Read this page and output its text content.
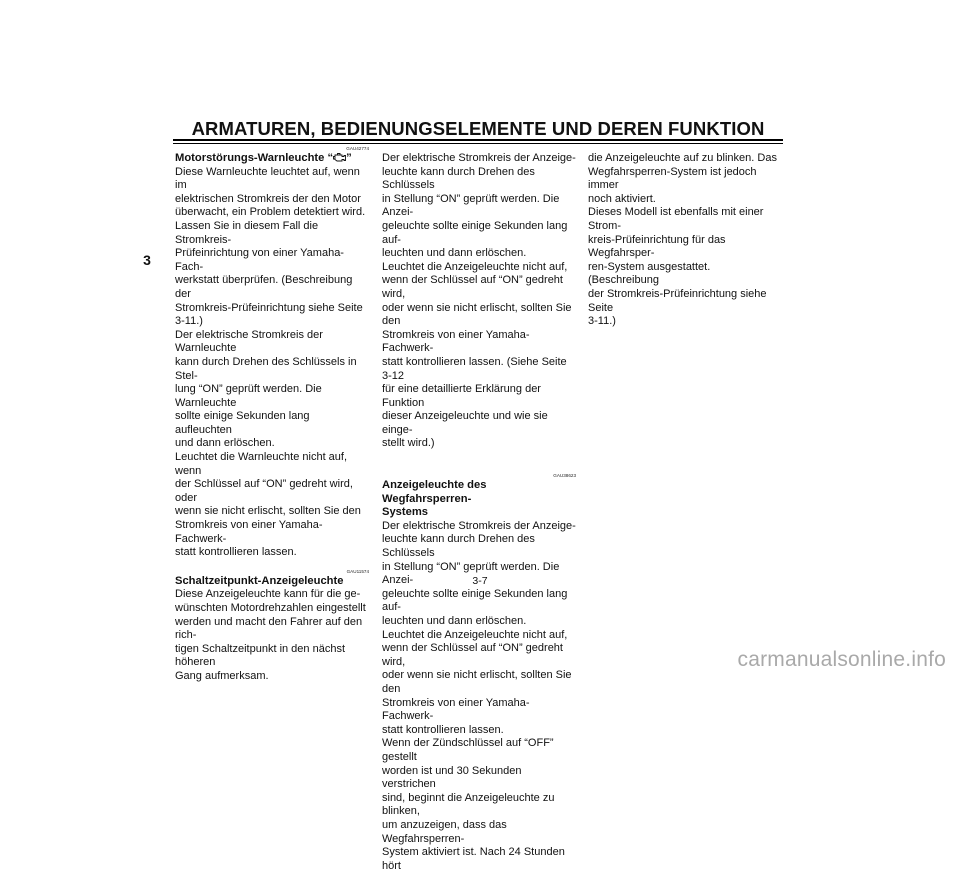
ARMATUREN, BEDIENUNGSELEMENTE UND DEREN FUNKTION
3
GAU42774

Motorstörungs-Warnleuchte “ ”

Diese Warnleuchte leuchtet auf, wenn im

elektrischen Stromkreis der den Motor

überwacht, ein Problem detektiert wird.

Lassen Sie in diesem Fall die Stromkreis-

Prüfeinrichtung von einer Yamaha-Fach-

werkstatt überprüfen. (Beschreibung der

Stromkreis-Prüfeinrichtung siehe Seite

3-11.)

Der elektrische Stromkreis der Warnleuchte

kann durch Drehen des Schlüssels in Stel-

lung “ON” geprüft werden. Die Warnleuchte

sollte einige Sekunden lang aufleuchten

und dann erlöschen.

Leuchtet die Warnleuchte nicht auf, wenn

der Schlüssel auf “ON” gedreht wird, oder

wenn sie nicht erlischt, sollten Sie den

Stromkreis von einer Yamaha-Fachwerk-

statt kontrollieren lassen.

GAU11574

Schaltzeitpunkt-Anzeigeleuchte

Diese Anzeigeleuchte kann für die ge-

wünschten Motordrehzahlen eingestellt

werden und macht den Fahrer auf den rich-

tigen Schaltzeitpunkt in den nächst höheren

Gang aufmerksam.

Der elektrische Stromkreis der Anzeige-

leuchte kann durch Drehen des Schlüssels

in Stellung “ON” geprüft werden. Die Anzei-

geleuchte sollte einige Sekunden lang auf-

leuchten und dann erlöschen.

Leuchtet die Anzeigeleuchte nicht auf,

wenn der Schlüssel auf “ON” gedreht wird,

oder wenn sie nicht erlischt, sollten Sie den

Stromkreis von einer Yamaha-Fachwerk-

statt kontrollieren lassen. (Siehe Seite 3-12

für eine detaillierte Erklärung der Funktion

dieser Anzeigeleuchte und wie sie einge-

stellt wird.)

GAU38623

Anzeigeleuchte des Wegfahrsperren-

Systems

Der elektrische Stromkreis der Anzeige-

leuchte kann durch Drehen des Schlüssels

in Stellung “ON” geprüft werden. Die Anzei-

geleuchte sollte einige Sekunden lang auf-

leuchten und dann erlöschen.

Leuchtet die Anzeigeleuchte nicht auf,

wenn der Schlüssel auf “ON” gedreht wird,

oder wenn sie nicht erlischt, sollten Sie den

Stromkreis von einer Yamaha-Fachwerk-

statt kontrollieren lassen.

Wenn der Zündschlüssel auf “OFF” gestellt

worden ist und 30 Sekunden verstrichen

sind, beginnt die Anzeigeleuchte zu blinken,

um anzuzeigen, dass das Wegfahrsperren-

System aktiviert ist. Nach 24 Stunden hört

die Anzeigeleuchte auf zu blinken. Das

Wegfahrsperren-System ist jedoch immer

noch aktiviert.

Dieses Modell ist ebenfalls mit einer Strom-

kreis-Prüfeinrichtung für das Wegfahrsper-

ren-System ausgestattet. (Beschreibung

der Stromkreis-Prüfeinrichtung siehe Seite

3-11.)

3-7
carmanualsonline.info
